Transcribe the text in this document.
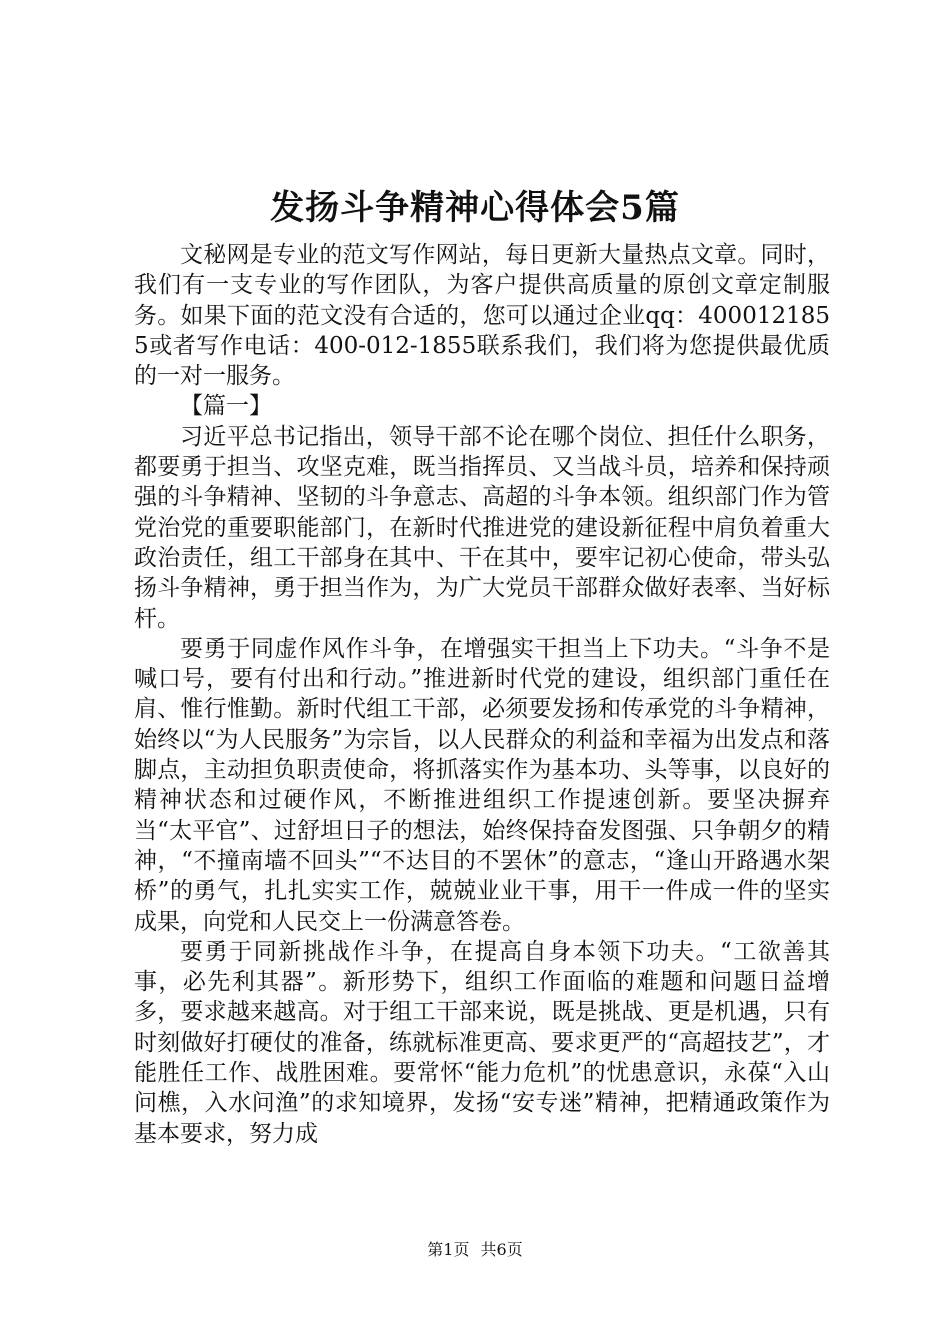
发扬斗争精神心得体会5篇

文秘网是专业的范文写作网站，每日更新大量热点文章。同时，我们有一支专业的写作团队，为客户提供高质量的原创文章定制服务。如果下面的范文没有合适的，您可以通过企业qq：4000121855或者写作电话：400-012-1855联系我们，我们将为您提供最优质的一对一服务。

【篇一】

习近平总书记指出，领导干部不论在哪个岗位、担任什么职务，都要勇于担当、攻坚克难，既当指挥员、又当战斗员，培养和保持顽强的斗争精神、坚韧的斗争意志、高超的斗争本领。组织部门作为管党治党的重要职能部门，在新时代推进党的建设新征程中肩负着重大政治责任，组工干部身在其中、干在其中，要牢记初心使命，带头弘扬斗争精神，勇于担当作为，为广大党员干部群众做好表率、当好标杆。

要勇于同虚作风作斗争，在增强实干担当上下功夫。“斗争不是喊口号，要有付出和行动。”推进新时代党的建设，组织部门重任在肩、惟行惟勤。新时代组工干部，必须要发扬和传承党的斗争精神，始终以“为人民服务”为宗旨，以人民群众的利益和幸福为出发点和落脚点，主动担负职责使命，将抓落实作为基本功、头等事，以良好的精神状态和过硬作风，不断推进组织工作提速创新。要坚决摒弃当“太平官”、过舒坦日子的想法，始终保持奋发图强、只争朝夕的精神，“不撞南墙不回头”“不达目的不罢休”的意志，“逢山开路遇水架桥”的勇气，扎扎实实工作，兢兢业业干事，用干一件成一件的坚实成果，向党和人民交上一份满意答卷。

要勇于同新挑战作斗争，在提高自身本领下功夫。“工欲善其事，必先利其器”。新形势下，组织工作面临的难题和问题日益增多，要求越来越高。对于组工干部来说，既是挑战、更是机遇，只有时刻做好打硬仗的准备，练就标准更高、要求更严的“高超技艺”，才能胜任工作、战胜困难。要常怀“能力危机”的忧患意识，永葆“入山问樵，入水问渔”的求知境界，发扬“安专迷”精神，把精通政策作为基本要求，努力成

第1页 共6页
